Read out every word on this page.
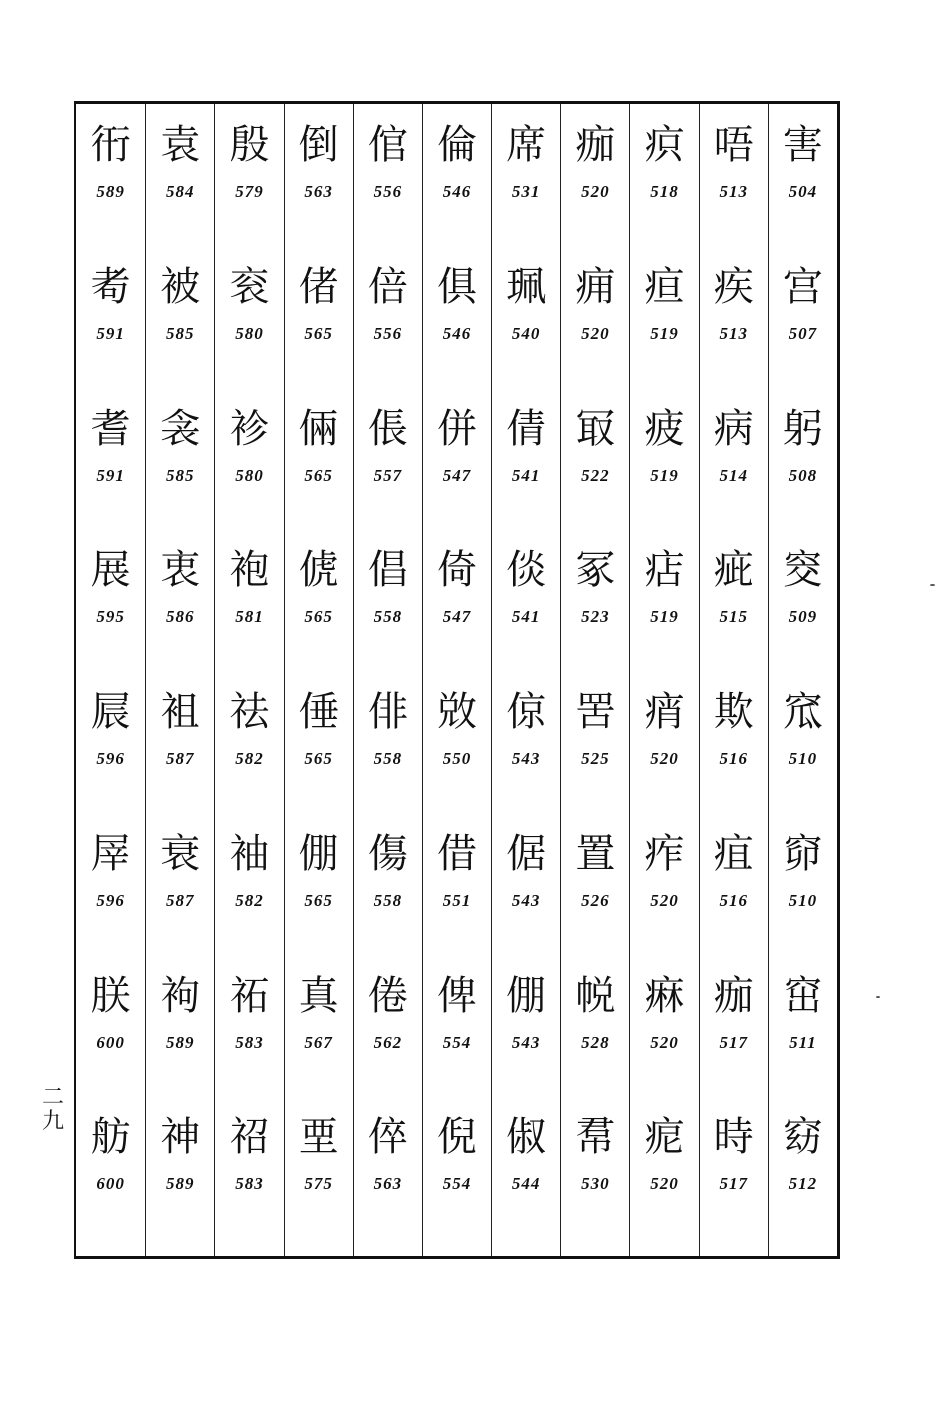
衎
589
耇
591
耆
591
展
595
屒
596
屖
596
朕
600
舫
600
袁
584
被
585
衾
585
衷
586
袓
587
衰
587
袧
589
神
589
殷
579
衮
580
袗
580
袍
581
祛
582
袖
582
祏
583
祒
583
倒
563
偖
565
倆
565
俿
565
倕
565
倗
565
真
567
垔
575
倌
556
倍
556
倀
557
倡
558
俳
558
傷
558
倦
562
倅
563
倫
546
俱
546
併
547
倚
547
敚
550
借
551
俾
554
倪
554
席
531
珮
540
倩
541
倓
541
倞
543
倨
543
倗
543
俶
544
痂
520
痈
520
冣
522
冢
523
罟
525
置
526
帨
528
帬
530
疻
518
疸
519
疲
519
痁
519
痟
520
痄
520
痳
520
痆
520
唔
513
疾
513
病
514
疵
515
欺
516
疽
516
痂
517
時
517
害
504
宫
507
躬
508
窔
509
窊
510
窌
510
窋
511
窈
512
二九
